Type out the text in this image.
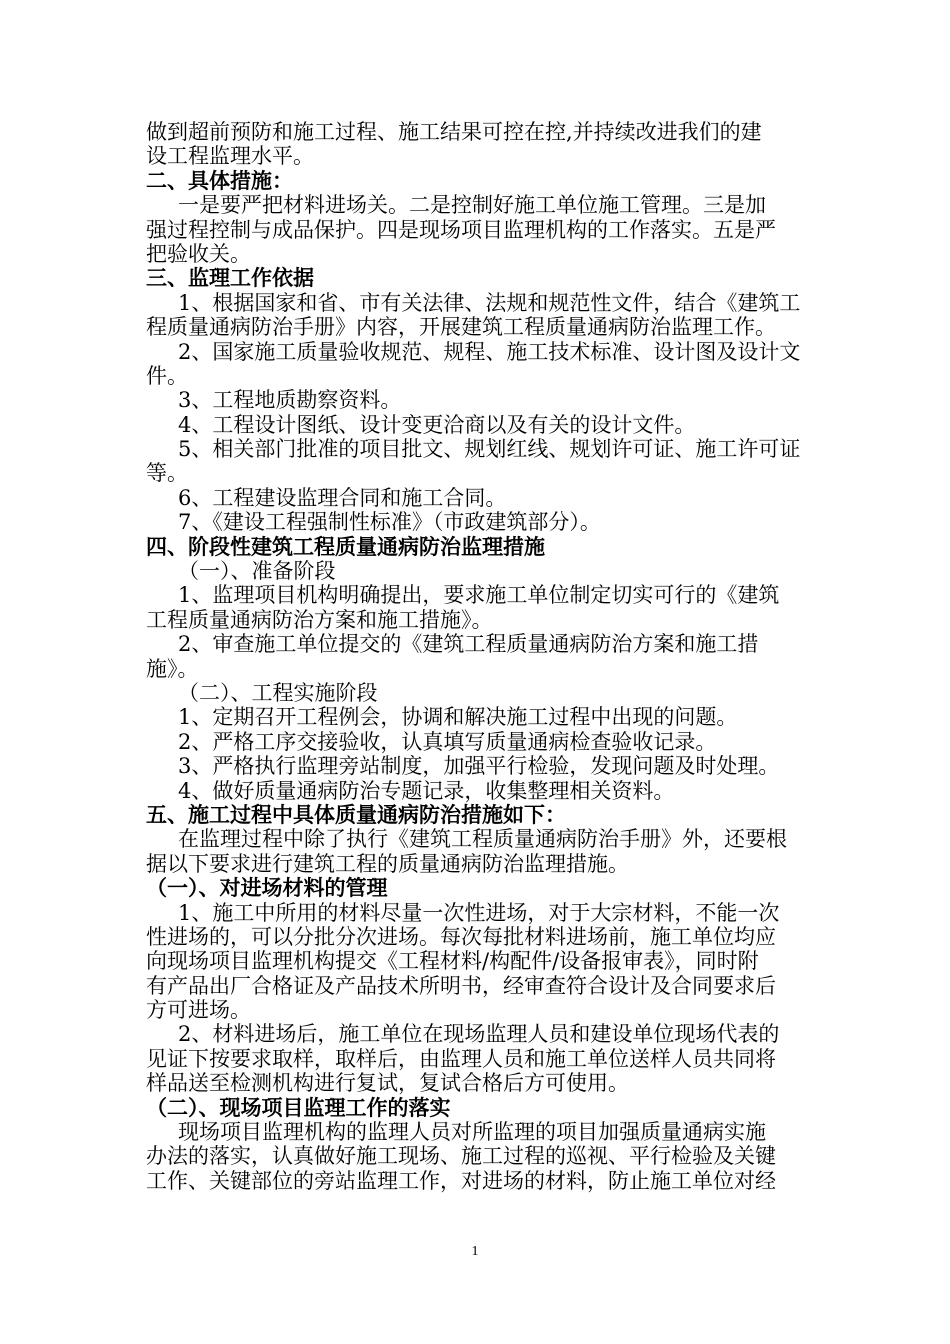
做到超前预防和施工过程、施工结果可控在控,并持续改进我们的建
设工程监理水平。
二、具体措施：
一是要严把材料进场关。二是控制好施工单位施工管理。三是加
强过程控制与成品保护。四是现场项目监理机构的工作落实。五是严
把验收关。
三、监理工作依据
1、根据国家和省、市有关法律、法规和规范性文件，结合《建筑工
程质量通病防治手册》内容，开展建筑工程质量通病防治监理工作。
2、国家施工质量验收规范、规程、施工技术标准、设计图及设计文
件。
3、工程地质勘察资料。
4、工程设计图纸、设计变更洽商以及有关的设计文件。
5、相关部门批准的项目批文、规划红线、规划许可证、施工许可证
等。
6、工程建设监理合同和施工合同。
7、《建设工程强制性标准》（市政建筑部分）。
四、阶段性建筑工程质量通病防治监理措施
（一）、准备阶段
1、监理项目机构明确提出，要求施工单位制定切实可行的《建筑
工程质量通病防治方案和施工措施》。
2、审查施工单位提交的《建筑工程质量通病防治方案和施工措
施》。
（二）、工程实施阶段
1、定期召开工程例会，协调和解决施工过程中出现的问题。
2、严格工序交接验收，认真填写质量通病检查验收记录。
3、严格执行监理旁站制度，加强平行检验，发现问题及时处理。
4、做好质量通病防治专题记录，收集整理相关资料。
五、施工过程中具体质量通病防治措施如下：
在监理过程中除了执行《建筑工程质量通病防治手册》外，还要根
据以下要求进行建筑工程的质量通病防治监理措施。
（一）、对进场材料的管理
1、施工中所用的材料尽量一次性进场，对于大宗材料，不能一次
性进场的，可以分批分次进场。每次每批材料进场前，施工单位均应
向现场项目监理机构提交《工程材料/构配件/设备报审表》，同时附
有产品出厂合格证及产品技术所明书，经审查符合设计及合同要求后
方可进场。
2、材料进场后，施工单位在现场监理人员和建设单位现场代表的
见证下按要求取样，取样后，由监理人员和施工单位送样人员共同将
样品送至检测机构进行复试，复试合格后方可使用。
（二）、现场项目监理工作的落实
现场项目监理机构的监理人员对所监理的项目加强质量通病实施
办法的落实，认真做好施工现场、施工过程的巡视、平行检验及关键
工作、关键部位的旁站监理工作，对进场的材料，防止施工单位对经
1
